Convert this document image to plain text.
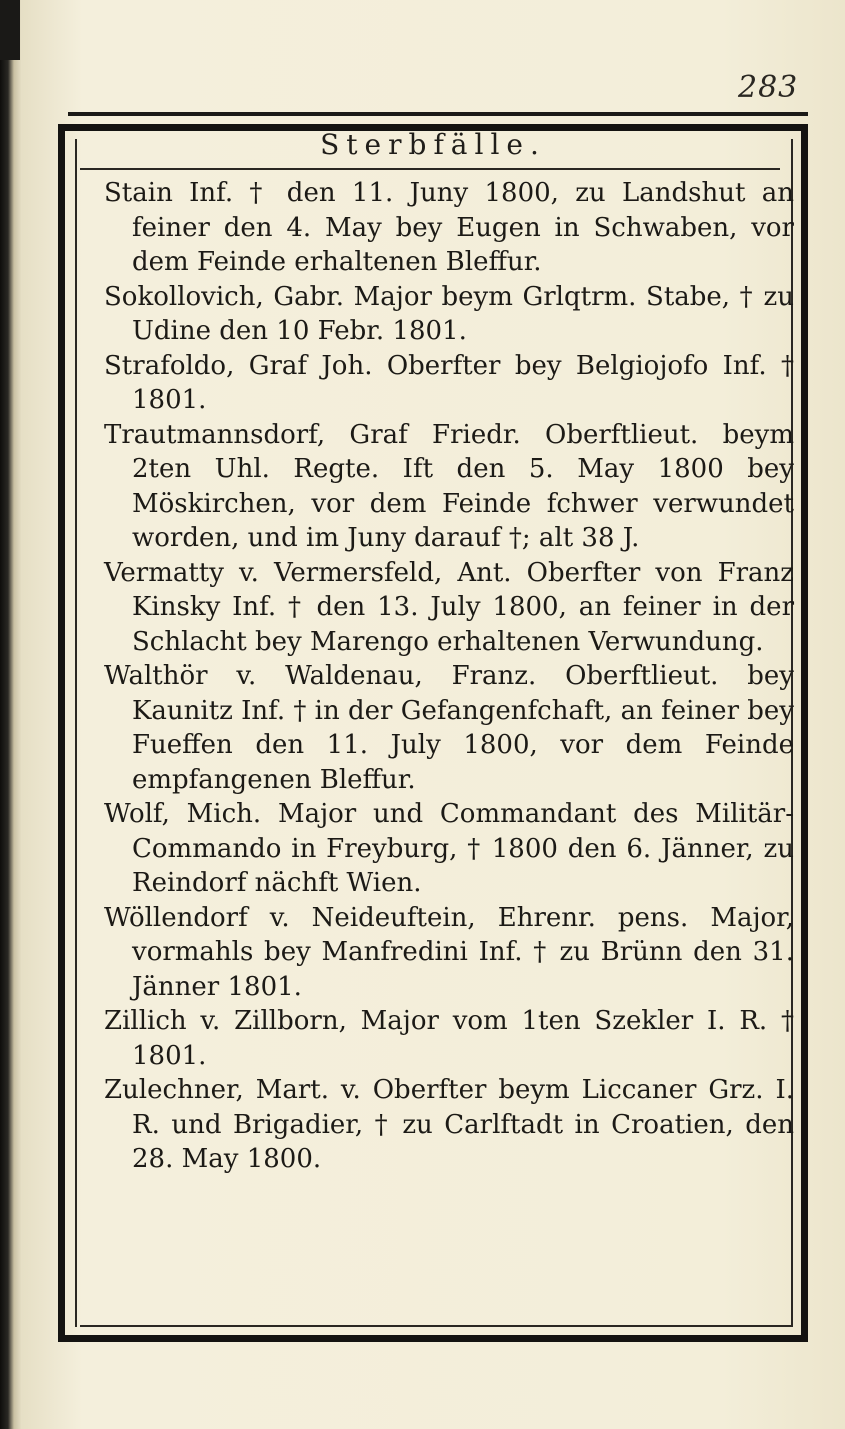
283
Sterbfälle.

Stain Inf. † den 11. Juny 1800, zu Landshut an feiner den 4. May bey Eugen in Schwaben, vor dem Feinde erhaltenen Bleffur.

Sokollovich, Gabr. Major beym Grlqtrm. Stabe, † zu Udine den 10 Febr. 1801.

Strafoldo, Graf Joh. Oberfter bey Belgiojofo Inf. † 1801.

Trautmannsdorf, Graf Friedr. Oberftlieut. beym 2ten Uhl. Regte. Ift den 5. May 1800 bey Möskirchen, vor dem Feinde fchwer verwundet worden, und im Juny darauf †; alt 38 J.

Vermatty v. Vermersfeld, Ant. Oberfter von Franz Kinsky Inf. † den 13. July 1800, an feiner in der Schlacht bey Marengo erhaltenen Verwundung.

Walthör v. Waldenau, Franz. Oberftlieut. bey Kaunitz Inf. † in der Gefangenfchaft, an feiner bey Fueffen den 11. July 1800, vor dem Feinde empfangenen Bleffur.

Wolf, Mich. Major und Commandant des Militär-Commando in Freyburg, † 1800 den 6. Jänner, zu Reindorf nächft Wien.

Wöllendorf v. Neideuftein, Ehrenr. pens. Major, vormahls bey Manfredini Inf. † zu Brünn den 31. Jänner 1801.

Zillich v. Zillborn, Major vom 1ten Szekler I. R. † 1801.

Zulechner, Mart. v. Oberfter beym Liccaner Grz. I. R. und Brigadier, † zu Carlftadt in Croatien, den 28. May 1800.
